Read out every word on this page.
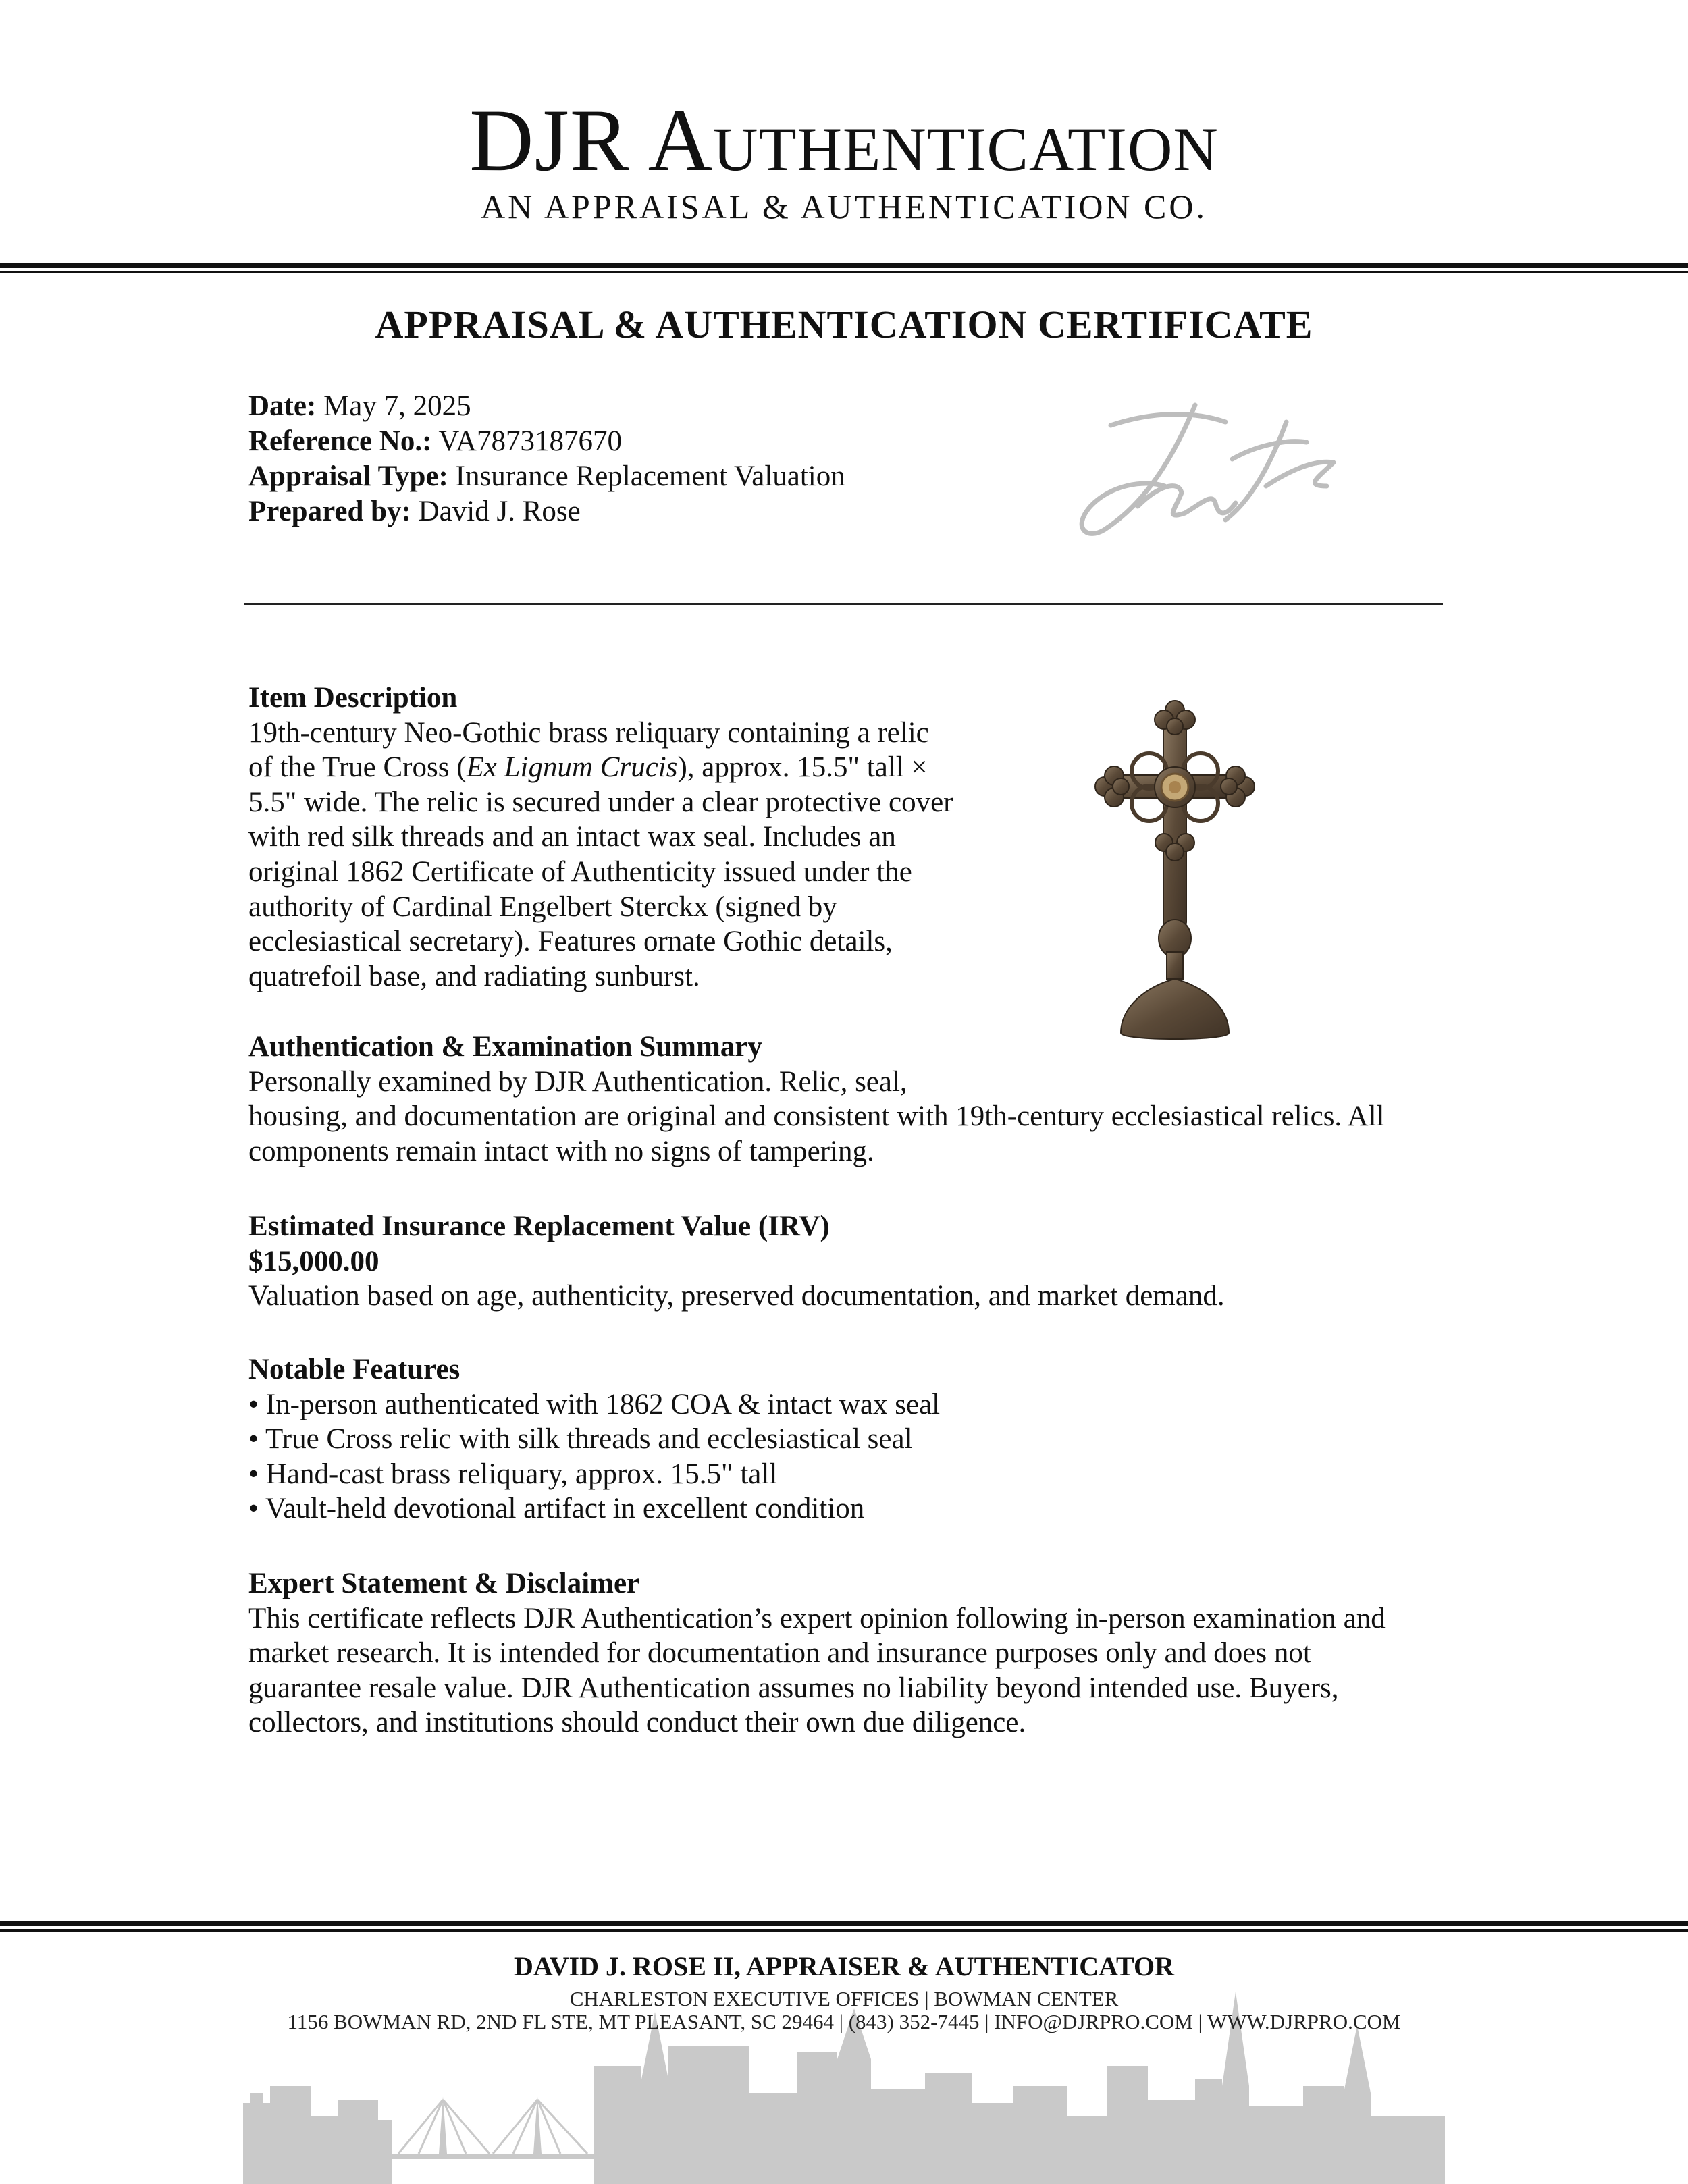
DJR Authentication
AN APPRAISAL & AUTHENTICATION CO.
APPRAISAL & AUTHENTICATION CERTIFICATE
Date: May 7, 2025
Reference No.: VA7873187670
Appraisal Type: Insurance Replacement Valuation
Prepared by: David J. Rose
Item Description
19th-century Neo-Gothic brass reliquary containing a relic
of the True Cross (Ex Lignum Crucis), approx. 15.5" tall ×
5.5" wide. The relic is secured under a clear protective cover
with red silk threads and an intact wax seal. Includes an
original 1862 Certificate of Authenticity issued under the
authority of Cardinal Engelbert Sterckx (signed by
ecclesiastical secretary). Features ornate Gothic details,
quatrefoil base, and radiating sunburst.
Authentication & Examination Summary
Personally examined by DJR Authentication. Relic, seal,
housing, and documentation are original and consistent with 19th-century ecclesiastical relics. All
components remain intact with no signs of tampering.
Estimated Insurance Replacement Value (IRV)
$15,000.00
Valuation based on age, authenticity, preserved documentation, and market demand.
Notable Features
• In-person authenticated with 1862 COA & intact wax seal
• True Cross relic with silk threads and ecclesiastical seal
• Hand-cast brass reliquary, approx. 15.5" tall
• Vault-held devotional artifact in excellent condition
Expert Statement & Disclaimer
This certificate reflects DJR Authentication’s expert opinion following in-person examination and
market research. It is intended for documentation and insurance purposes only and does not
guarantee resale value. DJR Authentication assumes no liability beyond intended use. Buyers,
collectors, and institutions should conduct their own due diligence.
DAVID J. ROSE II, APPRAISER & AUTHENTICATOR
CHARLESTON EXECUTIVE OFFICES | BOWMAN CENTER
1156 BOWMAN RD, 2ND FL STE, MT PLEASANT, SC 29464 | (843) 352-7445 | INFO@DJRPRO.COM | WWW.DJRPRO.COM
